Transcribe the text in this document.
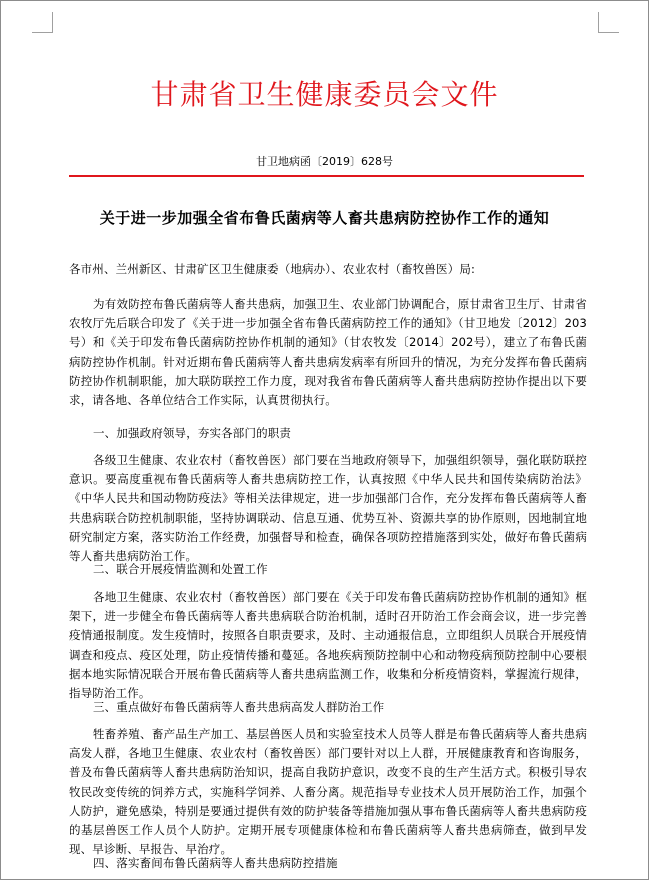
甘肃省卫生健康委员会文件
甘卫地病函〔2019〕628号
关于进一步加强全省布鲁氏菌病等人畜共患病防控协作工作的通知
各市州、兰州新区、甘肃矿区卫生健康委（地病办）、农业农村（畜牧兽医）局:
为有效防控布鲁氏菌病等人畜共患病，加强卫生、农业部门协调配合，原甘肃省卫生厅、甘肃省农牧厅先后联合印发了《关于进一步加强全省布鲁氏菌病防控工作的通知》（甘卫地发〔2012〕203号）和《关于印发布鲁氏菌病防控协作机制的通知》（甘农牧发〔2014〕202号），建立了布鲁氏菌病防控协作机制。针对近期布鲁氏菌病等人畜共患病发病率有所回升的情况，为充分发挥布鲁氏菌病防控协作机制职能，加大联防联控工作力度，现对我省布鲁氏菌病等人畜共患病防控协作提出以下要求，请各地、各单位结合工作实际，认真贯彻执行。
一、加强政府领导，夯实各部门的职责
各级卫生健康、农业农村（畜牧兽医）部门要在当地政府领导下，加强组织领导，强化联防联控意识。要高度重视布鲁氏菌病等人畜共患病防控工作，认真按照《中华人民共和国传染病防治法》《中华人民共和国动物防疫法》等相关法律规定，进一步加强部门合作，充分发挥布鲁氏菌病等人畜共患病联合防控机制职能，坚持协调联动、信息互通、优势互补、资源共享的协作原则，因地制宜地研究制定方案，落实防治工作经费，加强督导和检查，确保各项防控措施落到实处，做好布鲁氏菌病等人畜共患病防治工作。
二、联合开展疫情监测和处置工作
各地卫生健康、农业农村（畜牧兽医）部门要在《关于印发布鲁氏菌病防控协作机制的通知》框架下，进一步健全布鲁氏菌病等人畜共患病联合防治机制，适时召开防治工作会商会议，进一步完善疫情通报制度。发生疫情时，按照各自职责要求，及时、主动通报信息，立即组织人员联合开展疫情调查和疫点、疫区处理，防止疫情传播和蔓延。各地疾病预防控制中心和动物疫病预防控制中心要根据本地实际情况联合开展布鲁氏菌病等人畜共患病监测工作，收集和分析疫情资料，掌握流行规律，指导防治工作。
三、重点做好布鲁氏菌病等人畜共患病高发人群防治工作
牲畜养殖、畜产品生产加工、基层兽医人员和实验室技术人员等人群是布鲁氏菌病等人畜共患病高发人群，各地卫生健康、农业农村（畜牧兽医）部门要针对以上人群，开展健康教育和咨询服务，普及布鲁氏菌病等人畜共患病防治知识，提高自我防护意识，改变不良的生产生活方式。积极引导农牧民改变传统的饲养方式，实施科学饲养、人畜分离。规范指导专业技术人员开展防治工作，加强个人防护，避免感染，特别是要通过提供有效的防护装备等措施加强从事布鲁氏菌病等人畜共患病防疫的基层兽医工作人员个人防护。定期开展专项健康体检和布鲁氏菌病等人畜共患病筛查，做到早发现、早诊断、早报告、早治疗。
四、落实畜间布鲁氏菌病等人畜共患病防控措施
